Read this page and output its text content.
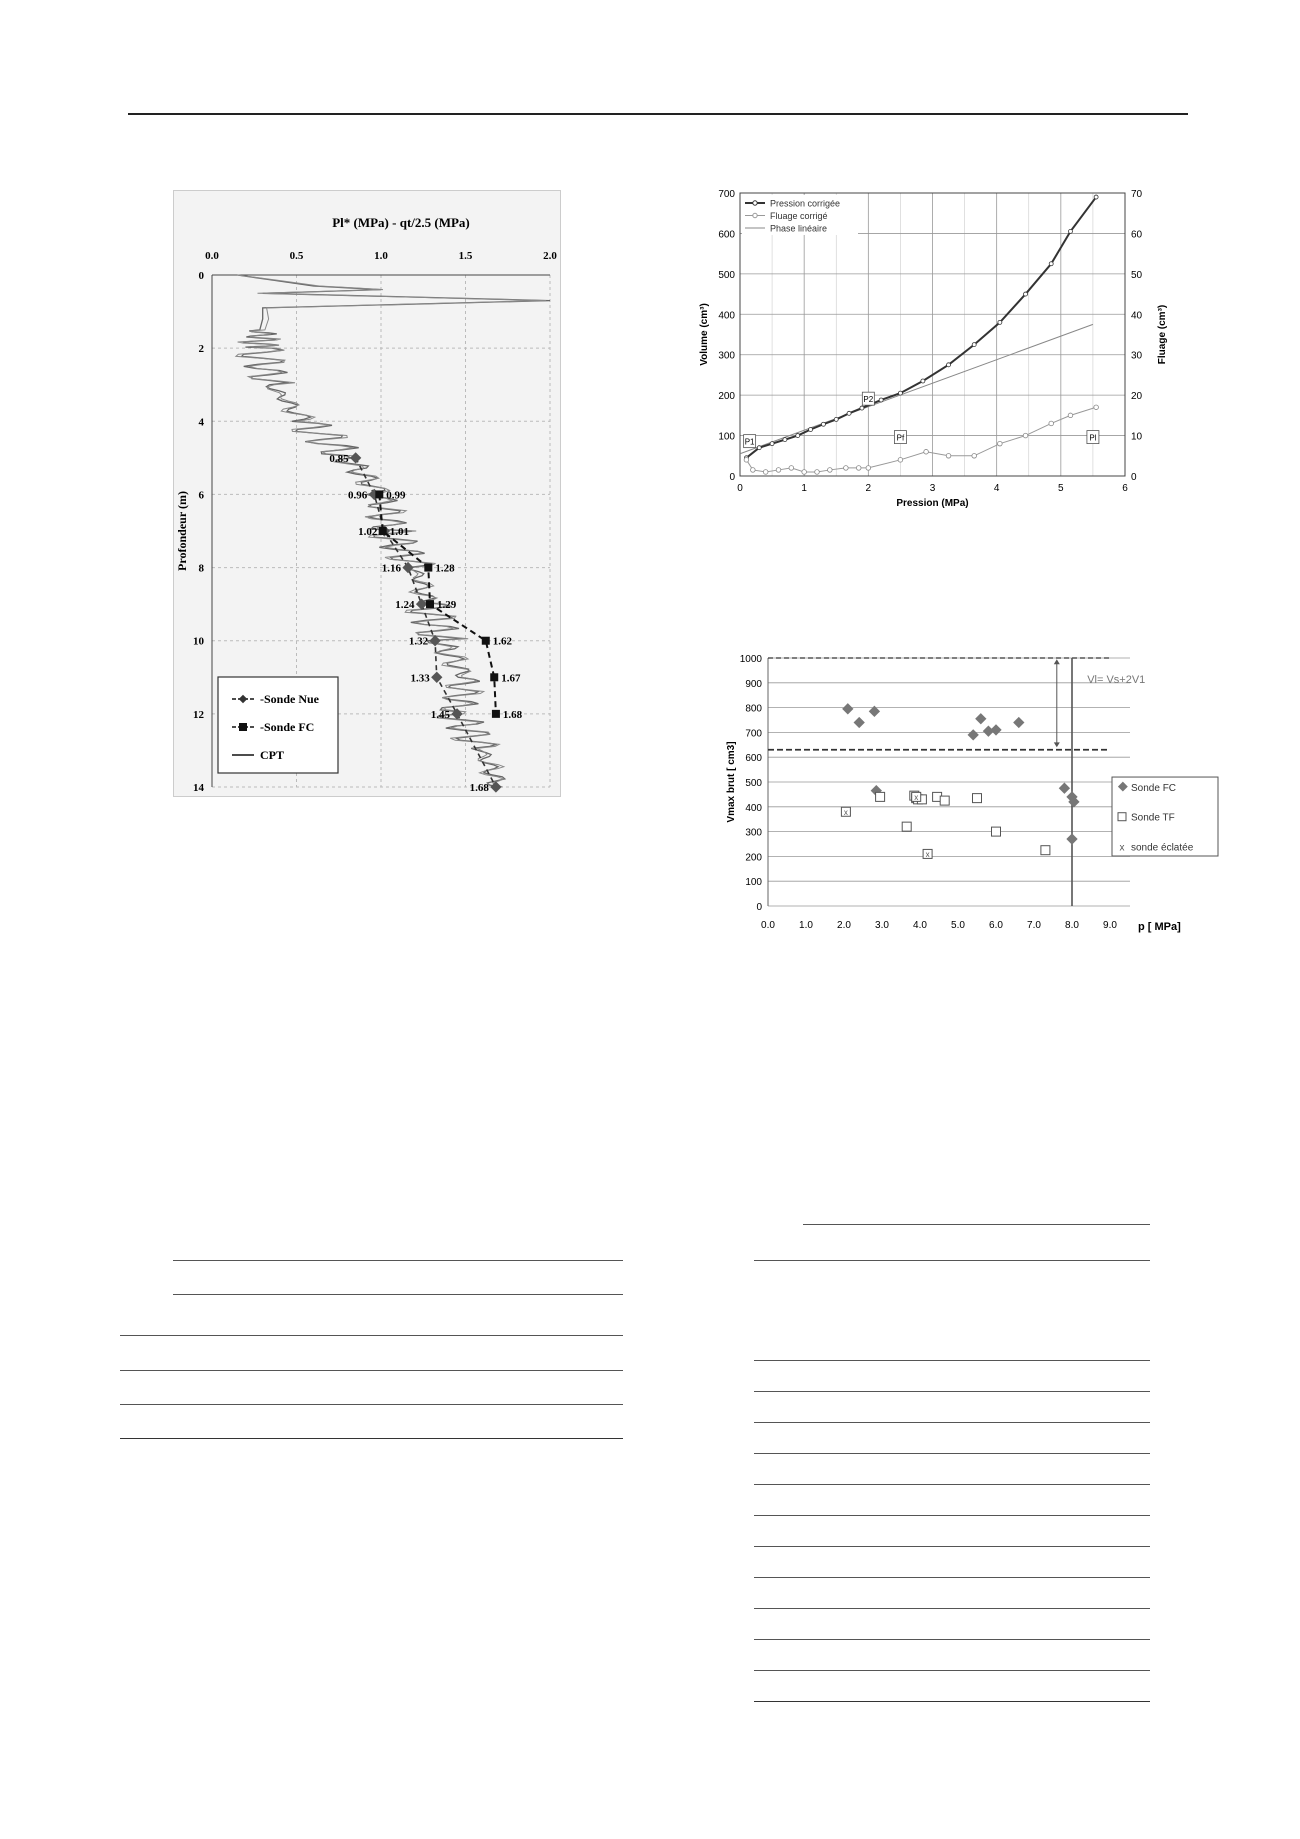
Pl* (MPa) - qt/2.5 (MPa)
0.0	0.5	1.0	1.5	2.0
0
2
4
6
8
10
12
14
Profondeur (m)
0.85
0.96
1.02
1.16
1.24
1.32
1.33
1.45
1.68
0.99
1.01
1.28
1.29
1.62
1.67
1.68
-Sonde Nue
-Sonde FC
CPT
0	1	2	3	4	5	6
0
100
200
300
400
500
600
700
0
10
20
30
40
50
60
70
Pression (MPa)
Volume (cm³)	Fluage (cm³)
P1
P2
Pf	Pl
Pression corrigée
Fluage corrigé
Phase linéaire
0
100
200
300
400
500
600
700
800
900
1000
0.0 1.0 2.0 3.0 4.0 5.0 6.0 7.0 8.0 9.0 p [ MPa]
Vmax brut [ cm3]
Vl= Vs+2V1
x
x
x
x
Sonde FC
Sonde TF
sonde éclatée
